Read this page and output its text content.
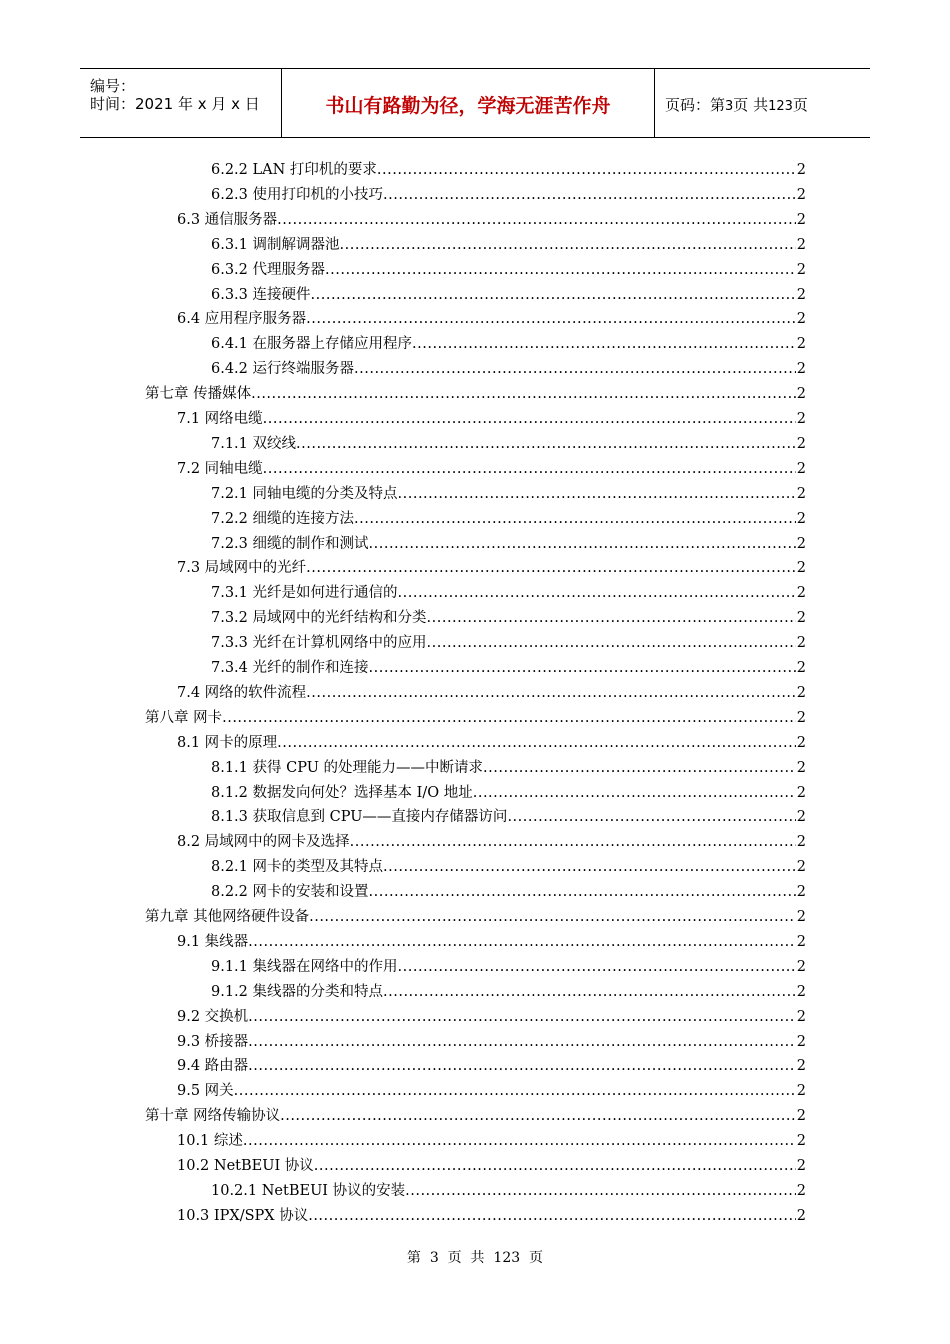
编号：
时间：2021 年 x 月 x 日	书山有路勤为径，学海无涯苦作舟	页码：第3页 共123页
6.2.2 LAN 打印机的要求 .....	2
6.2.3 使用打印机的小技巧 .....	2
6.3 通信服务器 .....	2
6.3.1 调制解调器池 .....	2
6.3.2 代理服务器 .....	2
6.3.3 连接硬件 .....	2
6.4 应用程序服务器 .....	2
6.4.1 在服务器上存储应用程序 .....	2
6.4.2 运行终端服务器 .....	2
第七章 传播媒体 .....	2
7.1 网络电缆 .....	2
7.1.1 双绞线 .....	2
7.2 同轴电缆 .....	2
7.2.1 同轴电缆的分类及特点 .....	2
7.2.2 细缆的连接方法 .....	2
7.2.3 细缆的制作和测试 .....	2
7.3 局域网中的光纤 .....	2
7.3.1 光纤是如何进行通信的 .....	2
7.3.2 局域网中的光纤结构和分类 .....	2
7.3.3 光纤在计算机网络中的应用 .....	2
7.3.4 光纤的制作和连接 .....	2
7.4 网络的软件流程 .....	2
第八章 网卡 .....	2
8.1 网卡的原理 .....	2
8.1.1 获得 CPU 的处理能力——中断请求 .....	2
8.1.2 数据发向何处？选择基本 I/O 地址 .....	2
8.1.3 获取信息到 CPU——直接内存储器访问 .....	2
8.2 局域网中的网卡及选择 .....	2
8.2.1 网卡的类型及其特点 .....	2
8.2.2 网卡的安装和设置 .....	2
第九章 其他网络硬件设备 .....	2
9.1 集线器 .....	2
9.1.1 集线器在网络中的作用 .....	2
9.1.2 集线器的分类和特点 .....	2
9.2 交换机 .....	2
9.3 桥接器 .....	2
9.4 路由器 .....	2
9.5 网关 .....	2
第十章 网络传输协议 .....	2
10.1 综述 .....	2
10.2 NetBEUI 协议 .....	2
10.2.1 NetBEUI 协议的安装 .....	2
10.3 IPX/SPX 协议 .....	2
第  3  页  共  123  页
